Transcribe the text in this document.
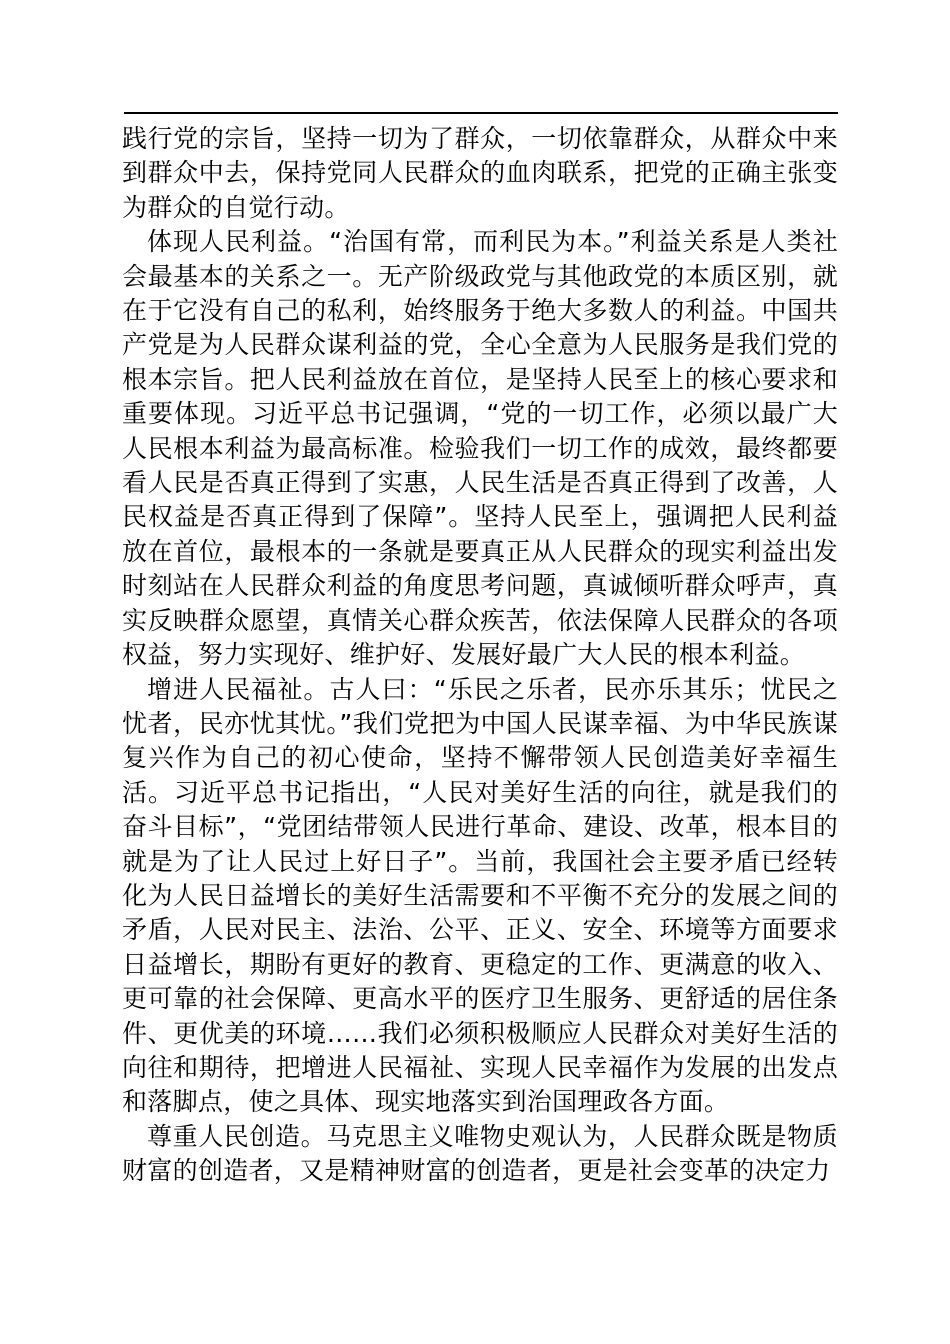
践行党的宗旨，坚持一切为了群众，一切依靠群众，从群众中来到群众中去，保持党同人民群众的血肉联系，把党的正确主张变为群众的自觉行动。

体现人民利益。“治国有常，而利民为本。”利益关系是人类社会最基本的关系之一。无产阶级政党与其他政党的本质区别，就在于它没有自己的私利，始终服务于绝大多数人的利益。中国共产党是为人民群众谋利益的党，全心全意为人民服务是我们党的根本宗旨。把人民利益放在首位，是坚持人民至上的核心要求和重要体现。习近平总书记强调，“党的一切工作，必须以最广大人民根本利益为最高标准。检验我们一切工作的成效，最终都要看人民是否真正得到了实惠，人民生活是否真正得到了改善，人民权益是否真正得到了保障”。坚持人民至上，强调把人民利益放在首位，最根本的一条就是要真正从人民群众的现实利益出发时刻站在人民群众利益的角度思考问题，真诚倾听群众呼声，真实反映群众愿望，真情关心群众疾苦，依法保障人民群众的各项权益，努力实现好、维护好、发展好最广大人民的根本利益。

增进人民福祉。古人曰：“乐民之乐者，民亦乐其乐；忧民之忧者，民亦忧其忧。”我们党把为中国人民谋幸福、为中华民族谋复兴作为自己的初心使命，坚持不懈带领人民创造美好幸福生活。习近平总书记指出，“人民对美好生活的向往，就是我们的奋斗目标”，“党团结带领人民进行革命、建设、改革，根本目的就是为了让人民过上好日子”。当前，我国社会主要矛盾已经转化为人民日益增长的美好生活需要和不平衡不充分的发展之间的矛盾，人民对民主、法治、公平、正义、安全、环境等方面要求日益增长，期盼有更好的教育、更稳定的工作、更满意的收入、更可靠的社会保障、更高水平的医疗卫生服务、更舒适的居住条件、更优美的环境……我们必须积极顺应人民群众对美好生活的向往和期待，把增进人民福祉、实现人民幸福作为发展的出发点和落脚点，使之具体、现实地落实到治国理政各方面。

尊重人民创造。马克思主义唯物史观认为，人民群众既是物质财富的创造者，又是精神财富的创造者，更是社会变革的决定力
